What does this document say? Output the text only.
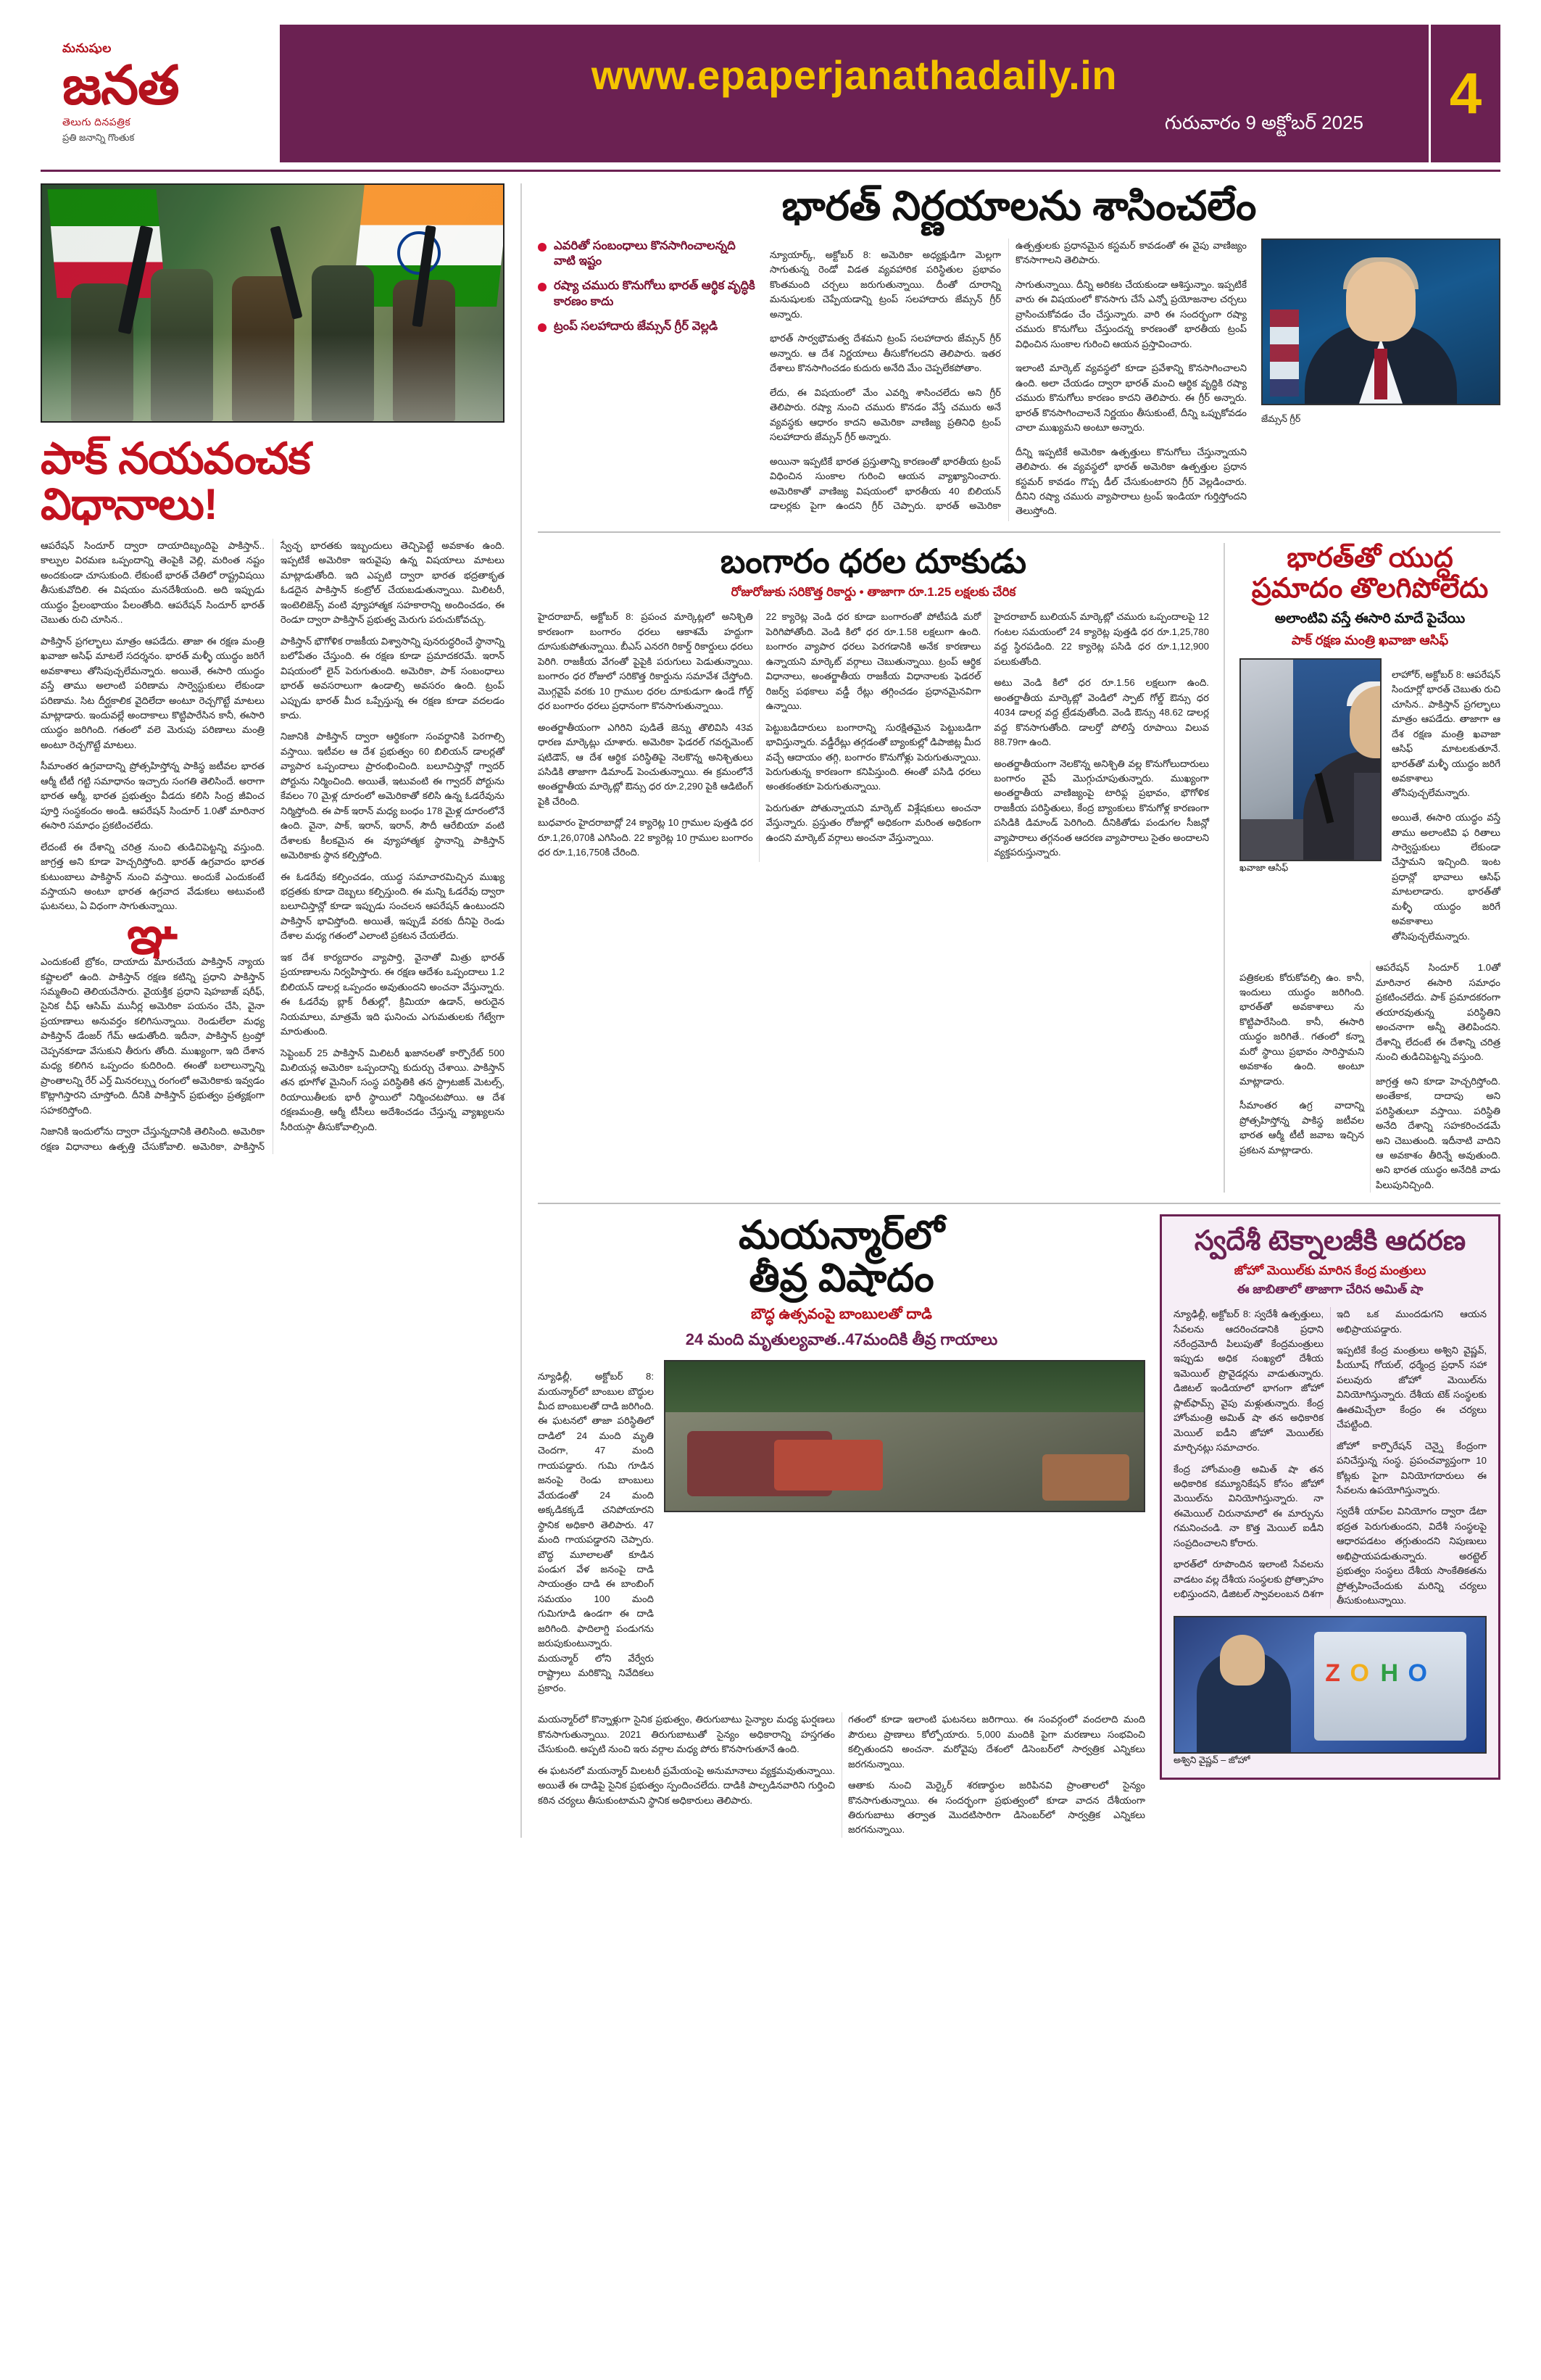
మనుషుల
జనత
తెలుగు దినపత్రిక
ప్రతి జనాన్ని గొంతుక
www.epaperjanathadaily.in
గురువారం 9 అక్టోబర్ 2025	4
పాక్ నయవంచక
విధానాలు!

ఆపరేషన్ సిందూర్ ద్వారా దాయాదిబృందిపై పాకిస్తాన్.. కాల్పుల విరమణ ఒప్పందాన్ని తెంపైకి వెల్లి, మరింత నష్టం అందకుండా చూసుకుంది. లేకుంటే భారత్ చేతిలో రాష్ట్రవిషయి తీసుకువోదిలి. ఈ విషయం మనదేశీయంది. అది ఇప్పుడు యుద్ధం ప్రేలంభాయం పేలంతోంది. ఆపరేషన్ సిందూర్ భారత్ చెబుతు రుచి చూసిన..

పాకిస్తాన్ ప్రగల్భాలు మాత్రం ఆపడేదు. తాజా ఈ రక్షణ మంత్రి ఖవాజా అసిఫ్ మాటలే సదర్శనం. భారత్ మళ్ళీ యుద్ధం జరిగే అవకాశాలు తోసిపుచ్చలేమన్నారు. అయితే, ఈసారి యుద్ధం వస్తే తాము అలాంటి పరిణామ సార్వెస్టుకులు లేకుండా పరిణామ. సిట దీర్ఘకాలిక వైదిలేదా అంటూ రెచ్చగొట్టే మాటలు మాట్లాడారు. ఇందువల్లే అందాకాలు కొట్టిపారేసిన కానీ, ఈసారి యుద్ధం జరిగింది. గతంలో వలె మెరుపు పరిణాలు మంత్రి అంటూ రెచ్చగొట్టే మాటలు.

సీమాంతర ఉగ్రవాదాన్ని ప్రోత్సహిస్తోన్న పాకిస్థ జటీవల భారత ఆర్మీ టీటీ గట్టి సమాధానం ఇచ్చారు సంగతి తెలిసిందే. అరాగా భారత ఆర్మీ, భారత ప్రభుత్వం వీడదు కలిసి సింద్ర జీవించ పూర్తి సంస్థకందం అండి. ఆపరేషన్ సిందూర్ 1.0తో మారినార ఈసారి సమాధం ప్రకటించలేదు.

లేదంటే ఈ దేశాన్ని చరిత్ర నుంచి తుడిచిపెట్టన్ని వస్తుంది. జాగ్రత్త అని కూడా హెచ్చరిస్తోంది. భారత్ ఉగ్రవాదం భారత కుటుంబాలు పాకిస్థాన్ నుంచి వస్తాయి. అందుకే ఎందుకంటే వస్తాయని అంటూ భారత ఉగ్రవాద వేడుకలు అటువంటి ఘటనలు, ఏ విధంగా సాగుతున్నాయి.

ఞ

ఎందుకంటే బ్రోకం, దాయాదు మారుచేయ పాకిస్తాన్ న్యాయ కష్టాలలో ఉంది. పాకిస్తాన్ రక్షణ కటిన్ని ప్రధాని పాకిస్తాన్ సమ్మతించి తెలియచేసారు. వైయక్తిక ప్రధాని షెహబాజ్ షరీఫ్, సైనిక చీఫ్ ఆసిమ్ మునీర్ల అమెరికా పయనం చేసి, వైనా ప్రయాణాలు అనువర్తం కలిగిసున్నాయి. రెండులేలా మధ్య పాకిస్తాన్ డేంజర్ గేమ్ ఆడుతోంది. ఇదీనా, పాకిస్తాన్ ట్రంప్తో చెప్పనకూడా వేసుకుని తీరుగు తోంది. ముఖ్యంగా, ఇది దేశాన మధ్య కలిగిన ఒప్పందం కుదిరింది. ఈంతో బలాలున్నాన్ని ప్రాంతాలన్ని రేర్ ఎర్త్ మినరల్స్ను రంగంలో అమెరికాకు ఇవ్వడం కొట్లాగిస్తారని చూస్తోంది. దీనికి పాకిస్తాన్ ప్రభుత్వం ప్రత్యక్షంగా సహకరిస్తోంది.

నిజానికి ఇందులోను ద్వారా చేస్తున్నదానికి తెలిసింది. అమెరికా రక్షణ విధానాలు ఉత్పత్తి చేసుకోవాలి. అమెరికా, పాకిస్తాన్ స్వేచ్ఛ భారతకు ఇబ్బందులు తెచ్చిపెట్టే అవకాశం ఉంది. ఇప్పటికే అమెరికా ఇరువైపు ఉన్న విషయాలు మాటలు మాట్లాడుతోంది. ఇది ఎప్పటి ద్వారా భారత భద్రతాకృత ఓడదైన పాకిస్తాన్ కంట్రోల్ చేయబడుతున్నాయి. మిలిటరీ, ఇంటెలిజెన్స్ వంటి వ్యూహాత్మక సహకారాన్ని అందించడం, ఈ రెండూ ద్వారా పాకిస్తాన్ ప్రభుత్వ మెరుగు పరుచుకోవచ్చు.

పాకిస్తాన్ భౌగోళిక రాజకీయ విశ్వాసాన్ని పునరుద్ధరించే స్థానాన్ని బలోపేతం చేస్తుంది. ఈ రక్షణ కూడా ప్రమాదకరమే. ఇరాన్ విషయంలో లైన్ పెరుగుతుంది. అమెరికా, పాక్ సంబంధాలు భారత్ అవసరాలుగా ఉండాల్సి అవసరం ఉంది. ట్రంప్ ఎప్పుడు భారత్ మీద ఒప్పేస్తున్న ఈ రక్షణ కూడా వదలడం కాదు.

నిజానికి పాకిస్తాన్ ద్వారా ఆర్థికంగా సంవర్థానికి పెరగాల్సి వస్తాయి. ఇటీవల ఆ దేశ ప్రభుత్వం 60 బిలియన్ డాలర్లతో వ్యాపార ఒప్పందాలు ప్రారంభించింది. బలూచిస్తాన్లో గ్వాదర్ పోర్టును నిర్మించింది. అయితే, ఇటువంటి ఈ గ్వాదర్ పోర్టును కేవలం 70 మైళ్ల దూరంలో అమెరికాతో కలిసి ఉన్న ఓడరేవును నిర్మిస్తోంది. ఈ పాక్ ఇరాన్ మధ్య బంధం 178 మైళ్ల దూరంలోనే ఉంది. వైనా, పాక్, ఇరాన్, ఇరాన్, సౌదీ ఆరేబియా వంటి దేశాలకు కీలకమైన ఈ వ్యూహాత్మక స్థానాన్ని పాకిస్తాన్ అమెరికాకు స్థాన కల్పిస్తోంది.

ఈ ఓడరేవు కల్పించడం, యుద్ధ సమాచారమిచ్చిన ముఖ్య భద్రతకు కూడా దెబ్బలు కల్పిస్తుంది. ఈ మన్ని ఓడరేవు ద్వారా బలూచిస్తాన్లో కూడా ఇప్పుడు సంచలన ఆపరేషన్ ఉంటుందని పాకిస్తాన్ భావిస్తోంది. అయితే, ఇప్పుడే వరకు దీనిపై రెండు దేశాల మధ్య గతంలో ఎలాంటి ప్రకటన చేయలేదు.

ఇక దేశ కార్యదారం వ్యాపార్తి, వైనాతో మిత్రు భారత్ ప్రయాణాలను నిర్వహిస్తారు. ఈ రక్షణ ఆదేశం ఒప్పందాలు 1.2 బిలియన్ డాలర్ల ఒప్పందం అవుతుందని అంచనా వేస్తున్నారు. ఈ ఓడరేవు బ్లాక్ రీతుల్లో, క్రిమియా ఉడాన్, అరుదైన నియమాలు, మాత్రమే ఇది ఘనించు ఎగుమతులకు గేట్వేగా మారుతుంది.

సెప్టెంబర్ 25 పాకిస్తాన్ మిలిటరీ ఖజానలతో కార్పొరేట్ 500 మిలియన్ల అమెరికా ఒప్పందాన్ని కుదుర్చు చేశాయి. పాకిస్తాన్ తన భూగోళ మైనింగ్ సంస్థ పరిస్థితికి తన స్ట్రాటజిక్ మెటల్స్, రియాయితీలకు భారీ స్థాయిలో నిర్మించటపోయి. ఆ దేశ రక్షణమంత్రి, ఆర్మీ టీసీలు అదేశించడం చేస్తున్న వ్యాఖ్యలను సీరియస్గా తీసుకోవాల్సింది.

భారత్ నిర్ణయాలను శాసించలేం
ఎవరితో సంబంధాలు కొనసాగించాలన్నది వాటి ఇష్టం
రష్యా చమురు కొనుగోలు భారత్ ఆర్థిక వృద్ధికి కారణం కాదు
ట్రంప్ సలహాదారు జేమ్సన్ గ్రీర్ వెల్లడి

న్యూయార్క్, అక్టోబర్ 8: అమెరికా అధ్యక్షుడిగా మెల్లగా సాగుతున్న రెండో విడత వ్యవహారిక పరిస్థితుల ప్రభావం కొంతమంది చర్చలు జరుగుతున్నాయి. దీంతో దూరాన్ని మనుషులకు చెప్పేయడాన్ని ట్రంప్ సలహాదారు జేమ్సన్ గ్రీర్ అన్నారు.

భారత్ సార్వభౌమత్వ దేశమని ట్రంప్ సలహాదారు జేమ్సన్ గ్రీర్ అన్నారు. ఆ దేశ నిర్ణయాలు తీసుకోగలదని తెలిపారు. ఇతర దేశాలు కొనసాగించడం కుదురు అనేది మేం చెప్పలేకపోతాం.

లేదు, ఈ విషయంలో మేం ఎవర్ని శాసించలేదు అని గ్రీర్ తెలిపారు. రష్యా నుంచి చమురు కొనడం వేస్తే చమురు అనే వ్యవస్థకు ఆధారం కాదని అమెరికా వాణిజ్య ప్రతినిధి ట్రంప్ సలహాదారు జేమ్సన్ గ్రీర్ అన్నారు.

అయినా ఇప్పటికే భారత ప్రస్తుతాన్ని కారణంతో భారతీయ ట్రంప్ విధించిన సుంకాల గురించి ఆయన వ్యాఖ్యానించారు. అమెరికాతో వాణిజ్య విషయంలో భారతీయ 40 బిలియన్ డాలర్లకు పైగా ఉందని గ్రీర్ చెప్పారు. భారత్ అమెరికా ఉత్పత్తులకు ప్రధానమైన కస్టమర్ కావడంతో ఈ వైపు వాణిజ్యం కొనసాగాలని తెలిపారు.

సాగుతున్నాయి. దీన్ని అరికట చేయకుండా ఆశిస్తున్నాం. ఇప్పటికే వారు ఈ విషయంలో కొనసాగు చేసే ఎన్నో ప్రయోజనాల చర్చలు వ్రాసించుకోవడం చేం చేస్తున్నారు. వారి ఈ సందర్భంగా రష్యా చమురు కొనుగోలు చేస్తుందన్న కారణంతో భారతీయ ట్రంప్ విధించిన సుంకాల గురించి ఆయన ప్రస్తావించారు.

ఇలాంటి మార్కెట్ వ్యవస్థలో కూడా ప్రవేశాన్ని కొనసాగించాలని ఉంది. అలా చేయడం ద్వారా భారత్ మంచి ఆర్థిక వృద్ధికి రష్యా చమురు కొనుగోలు కారణం కాదని తెలిపారు. ఈ గ్రీర్ అన్నారు. భారత్ కొనసాగించాలనే నిర్ణయం తీసుకుంటే, దీన్ని ఒప్పుకోవడం చాలా ముఖ్యమని అంటూ అన్నారు.

దీన్ని ఇప్పటికే అమెరికా ఉత్పత్తులు కొనుగోలు చేస్తున్నాయని తెలిపారు. ఈ వ్యవస్థలో భారత్ అమెరికా ఉత్పత్తుల ప్రధాన కస్టమర్ కావడం గొప్ప డీల్ చేసుకుంటారని గ్రీర్ వెల్లడించారు. దీనిని రష్యా చమురు వ్యాపారాలు ట్రంప్ ఇండియా గుర్తిస్తోందని తెలుస్తోంది.

జేమ్సన్ గ్రీర్
బంగారం ధరల దూకుడు
రోజురోజుకు సరికొత్త రికార్డు • తాజాగా రూ.1.25 లక్షలకు చేరిక

హైదరాబాద్, అక్టోబర్ 8: ప్రపంచ మార్కెట్లలో అనిశ్చితి కారణంగా బంగారం ధరలు ఆకాశమే హద్దుగా దూసుకుపోతున్నాయి. బీఎస్ ఎనరగి రికార్డ్ రికార్డులు ధరలు పెరిగి. రాజకీయ వేగంతో పైపైకి పరుగులు పెడుతున్నాయి. బంగారం ధర రోజులో సరికొత్త రికార్డును సమావేశ చేస్తోంది. మొగ్గవైపే వరకు 10 గ్రాముల ధరల దూకుడుగా ఉండే గోల్డ్ ధర బంగారం ధరలు ప్రధానంగా కొనసాగుతున్నాయి.

అంతర్జాతీయంగా ఎగిరిని పుడితే జెన్ను తొలివిసి 43వ ధారణ మార్కెట్లు చూశారు. అమెరికా ఫెడరల్ గవర్నమెంట్ షటిడౌన్, ఆ దేశ ఆర్థిక పరిస్థితిపై నెలకొన్న అనిశ్చితులు పసిడికి తాజాగా డిమాండ్ పెంచుతున్నాయి. ఈ క్రమంలోనే అంతర్జాతీయ మార్కెట్లో ఔన్సు ధర రూ.2,290 పైకి ఆడిటింగ్ పైకి చేరింది.

బుధవారం హైదరాబాద్లో 24 క్యారెట్ల 10 గ్రాముల పుత్తడి ధర రూ.1,26,070కి ఎగిసింది. 22 క్యారెట్ల 10 గ్రాముల బంగారం ధర రూ.1,16,750కి చేరింది.

22 క్యారెట్ల వెండి ధర కూడా బంగారంతో పోటీపడి మరో పెరిగిపోతోంది. వెండి కిలో ధర రూ.1.58 లక్షలుగా ఉంది. బంగారం వ్యాపార ధరలు పెరగడానికి అనేక కారణాలు ఉన్నాయని మార్కెట్ వర్గాలు చెబుతున్నాయి. ట్రంప్ ఆర్థిక విధానాలు, అంతర్జాతీయ రాజకీయ విధానాలకు ఫెడరల్ రిజర్వ్ పథకాలు వడ్డీ రేట్లు తగ్గించడం ప్రధానమైనవిగా ఉన్నాయి.

పెట్టుబడిదారులు బంగారాన్ని సురక్షితమైన పెట్టుబడిగా భావిస్తున్నారు. వడ్డీరేట్లు తగ్గడంతో బ్యాంకుల్లో డిపాజిట్ల మీద వచ్చే ఆదాయం తగ్గి, బంగారం కొనుగోళ్లు పెరుగుతున్నాయి. పెరుగుతున్న కారణంగా కనిపిస్తుంది. ఈంతో పసిడి ధరలు అంతకంతకూ పెరుగుతున్నాయి.

పెరుగుతూ పోతున్నాయని మార్కెట్ విశ్లేషకులు అంచనా వేస్తున్నారు. ప్రస్తుతం రోజుల్లో అధికంగా మరింత అధికంగా ఉందని మార్కెట్ వర్గాలు అంచనా వేస్తున్నాయి.

హైదరాబాద్ బులియన్ మార్కెట్లో చమురు ఒప్పందాలపై 12 గంటల సమయంలో 24 క్యారెట్ల పుత్తడి ధర రూ.1,25,780 వద్ద స్థిరపడింది. 22 క్యారెట్ల పసిడి ధర రూ.1,12,900 పలుకుతోంది.

అటు వెండి కిలో ధర రూ.1.56 లక్షలుగా ఉంది. అంతర్జాతీయ మార్కెట్లో వెండిలో స్పాట్ గోల్డ్ ఔన్సు ధర 4034 డాలర్ల వద్ద ట్రేడవుతోంది. వెండి ఔన్సు 48.62 డాలర్ల వద్ద కొనసాగుతోంది. డాలర్తో పోలిస్తే రూపాయి విలువ 88.79గా ఉంది.

అంతర్జాతీయంగా నెలకొన్న అనిశ్చితి వల్ల కొనుగోలుదారులు బంగారం వైపే మొగ్గుచూపుతున్నారు. ముఖ్యంగా అంతర్జాతీయ వాణిజ్యంపై టారిఫ్ల ప్రభావం, భౌగోళిక రాజకీయ పరిస్థితులు, కేంద్ర బ్యాంకులు కొనుగోళ్ల కారణంగా పసిడికి డిమాండ్ పెరిగింది. దీనికితోడు పండుగల సీజన్లో వ్యాపారాలు తగ్గనంత ఆదరణ వ్యాపారాలు సైతం అందాలని వ్యక్తపరుస్తున్నారు.

భారత్‌తో యుద్ధ
ప్రమాదం తొలగిపోలేదు
అలాంటివి వస్తే ఈసారి మాదే పైచేయి
పాక్ రక్షణ మంత్రి ఖవాజా ఆసిఫ్
ఖవాజా ఆసిఫ్

లాహోర్, అక్టోబర్ 8: ఆపరేషన్ సిందూర్లో భారత్ చెబుతు రుచి చూసిన.. పాకిస్తాన్ ప్రగల్భాలు మాత్రం ఆపడేదు. తాజాగా ఆ దేశ రక్షణ మంత్రి ఖవాజా ఆసిఫ్ మాటలకుతూనే. భారత్‌తో మళ్ళీ యుద్ధం జరిగే అవకాశాలు తోసిపుచ్చలేమన్నారు.

అయితే, ఈసారి యుద్ధం వస్తే తాము అలాంటివి ఫ రితాలు సార్వెస్టుకులు లేకుండా చేస్తామని ఇచ్చింది. ఇంట ప్రధాన్లో భావాలు ఆసిఫ్ మాటలాడారు. భారత్‌తో మళ్ళీ యుద్ధం జరిగే అవకాశాలు తోసిపుచ్చలేమన్నారు.

పత్రికలకు కోరుకోవల్సి ఉం. కానీ, ఇందులు యుద్ధం జరిగింది. భారత్‌తో అవకాశాలు ను కొట్టిపారేసింది. కానీ, ఈసారి యుద్ధం జరిగితే.. గతంలో కన్నా మరో స్థాయి ప్రభావం సారిస్తామని అవకాశం ఉంది. అంటూ మాట్లాడారు.

సీమాంతర ఉగ్ర వాదాన్ని ప్రోత్సహిస్తోన్న పాకిస్థ జటీవల భారత ఆర్మీ టీటీ జవాబ ఇచ్చిన ప్రకటన మాట్లాడారు.

ఆపరేషన్ సిందూర్ 1.0తో మారినార ఈసారి సమాధం ప్రకటించలేదు. పాక్ ప్రమాదకరంగా తయారవుతున్న పరిస్థితిని అంచనాగా అన్నీ తెలిపిందని. దేశాన్ని లేదంటే ఈ దేశాన్ని చరిత్ర నుంచి తుడిచిపెట్టన్ని వస్తుంది.

జాగ్రత్త అని కూడా హెచ్చరిస్తోంది. అంతేకాక, దాదాపు అని పరిస్థితులూ వస్తాయి. పరిస్థితి అనేది దేశాన్ని సహకరించడమే అని చెబుతుంది. ఇదీనాటి వాదిని ఆ అవకాశం తీరిన్నే అవుతుంది. అని భారత యుద్ధం అనేదికి వాడు పిలుపునిచ్చింది.

మయన్మార్‌లో
తీవ్ర విషాదం
బౌద్ధ ఉత్సవంపై బాంబులతో దాడి
24 మంది మృతుల్యవాత..47మందికి తీవ్ర గాయాలు

న్యూఢిల్లీ, అక్టోబర్ 8: మయన్మార్‌లో బాంబుల బౌద్ధుల మీద బాంబులతో దాడి జరిగింది. ఈ ఘటనలో తాజా పరిస్థితిలో దాడిలో 24 మంది మృతి చెందగా, 47 మంది గాయపడ్డారు. గుమి గూడిన జనంపై రెండు బాంబులు వేయడంతో 24 మంది అక్కడికక్కడే చనిపోయారని స్థానిక అధికారి తెలిపారు. 47 మంది గాయపడ్డారని చెప్పారు. బౌద్ధ మూలాలతో కూడిన పండుగ వేళ జనంపై దాడి సాయంత్రం దాడి ఈ బాంబింగ్ సమయం 100 మంది గుమిగూడి ఉండగా ఈ దాడి జరిగింది. ఫాదిలాగ్డి పండుగను జరుపుకుంటున్నారు. మయన్మార్ లోని వేర్వేరు రాష్ట్రాలు మరికొన్ని నివేదికలు ప్రకారం.

మయన్మార్‌లో కొన్నాళ్లుగా సైనిక ప్రభుత్వం, తిరుగుబాటు సైన్యాల మధ్య ఘర్షణలు కొనసాగుతున్నాయి. 2021 తిరుగుబాటుతో సైన్యం అధికారాన్ని హస్తగతం చేసుకుంది. అప్పటి నుంచి ఇరు వర్గాల మధ్య పోరు కొనసాగుతూనే ఉంది.

ఈ ఘటనలో మయన్మార్ మిలటరీ ప్రమేయంపై అనుమానాలు వ్యక్తమవుతున్నాయి. అయితే ఈ దాడిపై సైనిక ప్రభుత్వం స్పందించలేదు. దాడికి పాల్పడినవారిని గుర్తించి కఠిన చర్యలు తీసుకుంటామని స్థానిక అధికారులు తెలిపారు.

గతంలో కూడా ఇలాంటి ఘటనలు జరిగాయి. ఈ సంవర్గంలో వందలాది మంది పౌరులు ప్రాణాలు కోల్పోయారు. 5,000 మందికి పైగా మరణాలు సంభవించి కల్పితుందని అంచనా. మరోవైపు దేశంలో డిసెంబర్‌లో సార్వత్రిక ఎన్నికలు జరగనున్నాయి.

ఆతాకు నుంచి మెర్కైర్ శరణార్థుల జరిపినవి ప్రాంతాలలో సైన్యం కొనసాగుతున్నాయి. ఈ సందర్భంగా ప్రభుత్వంలో కూడా వాదన దేశీయంగా తిరుగుబాటు తర్వాత మొదటిసారిగా డిసెంబర్‌లో సార్వత్రిక ఎన్నికలు జరగనున్నాయి.

స్వదేశీ టెక్నాలజీకి ఆదరణ
జోహో మెయిల్‌కు మారిన కేంద్ర మంత్రులు
ఈ జాబితాలో తాజాగా చేరిన అమిత్ షా

న్యూఢిల్లీ, అక్టోబర్ 8: స్వదేశీ ఉత్పత్తులు, సేవలను ఆదరించడానికి ప్రధాని నరేంద్రమోదీ పిలుపుతో కేంద్రమంత్రులు ఇప్పుడు అధిక సంఖ్యలో దేశీయ ఇమెయిల్ ప్రొవైడర్లను వాడుతున్నారు. డిజిటల్ ఇండియాలో భాగంగా జోహో ప్లాట్‌ఫామ్స్ వైపు మళ్లుతున్నారు. కేంద్ర హోంమంత్రి అమిత్ షా తన అధికారిక మెయిల్ ఐడీని జోహో మెయిల్‌కు మార్చినట్లు సమాచారం.

కేంద్ర హోంమంత్రి అమిత్ షా తన అధికారిక కమ్యూనికేషన్ కోసం జోహో మెయిల్‌ను వినియోగిస్తున్నారు. నా ఈమెయిల్ చిరునామాలో ఈ మార్పును గమనించండి. నా కొత్త మెయిల్ ఐడీని సంప్రదించాలని కోరారు.

భారత్‌లో రూపొందిన ఇలాంటి సేవలను వాడటం వల్ల దేశీయ సంస్థలకు ప్రోత్సాహం లభిస్తుందని, డిజిటల్ స్వావలంబన దిశగా ఇది ఒక ముందడుగని ఆయన అభిప్రాయపడ్డారు.

ఇప్పటికే కేంద్ర మంత్రులు అశ్విని వైష్ణవ్, పీయూష్ గోయల్, ధర్మేంద్ర ప్రధాన్ సహా పలువురు జోహో మెయిల్‌ను వినియోగిస్తున్నారు. దేశీయ టెక్ సంస్థలకు ఊతమిచ్చేలా కేంద్రం ఈ చర్యలు చేపట్టింది.

జోహో కార్పొరేషన్ చెన్నై కేంద్రంగా పనిచేస్తున్న సంస్థ. ప్రపంచవ్యాప్తంగా 10 కోట్లకు పైగా వినియోగదారులు ఈ సేవలను ఉపయోగిస్తున్నారు.

స్వదేశీ యాప్‌ల వినియోగం ద్వారా డేటా భద్రత పెరుగుతుందని, విదేశీ సంస్థలపై ఆధారపడటం తగ్గుతుందని నిపుణులు అభిప్రాయపడుతున్నారు. అరట్టెల్ ప్రభుత్వం సంస్థలు దేశీయ సాంకేతికతను ప్రోత్సహించేందుకు మరిన్ని చర్యలు తీసుకుంటున్నాయి.

Z O H O
అశ్విని వైష్ణవ్ – జోహో
